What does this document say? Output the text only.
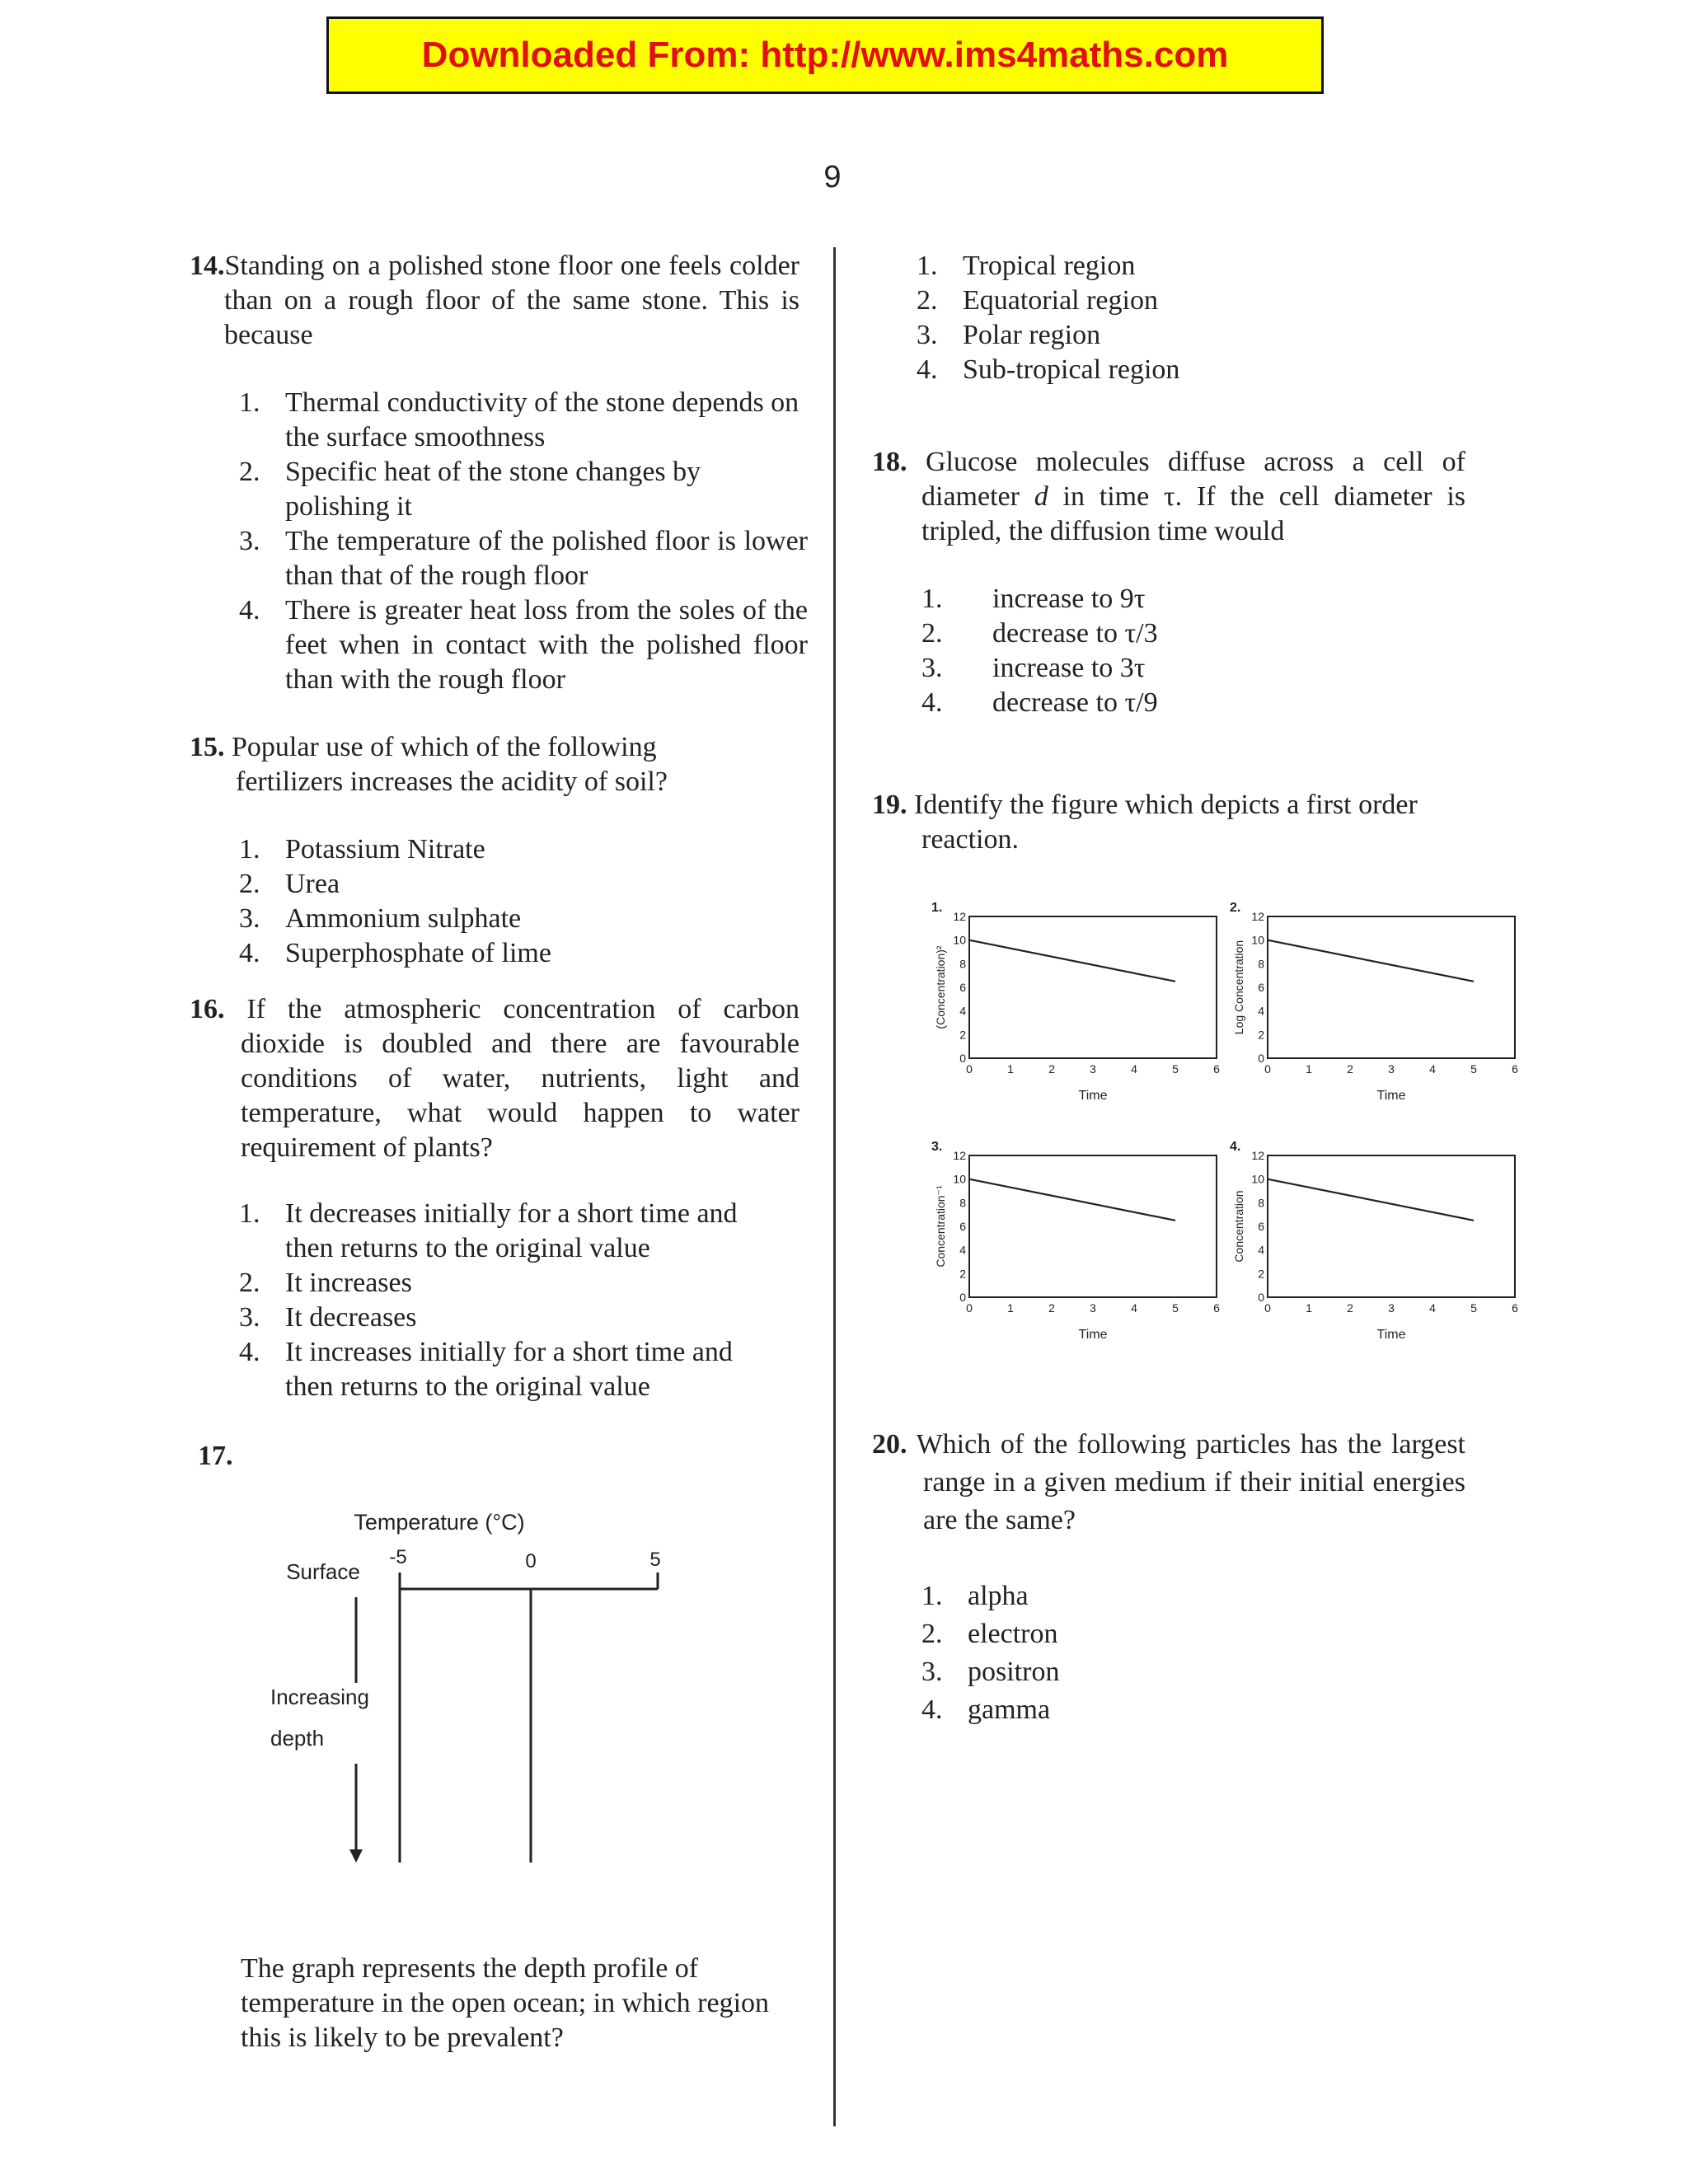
Downloaded From: http://www.ims4maths.com
9
14.Standing on a polished stone floor one feels colder than on a rough floor of the same stone. This is because
1. Thermal conductivity of the stone depends on the surface smoothness
2. Specific heat of the stone changes by polishing it
3. The temperature of the polished floor is lower than that of the rough floor
4. There is greater heat loss from the soles of the feet when in contact with the polished floor than with the rough floor
15. Popular use of which of the following fertilizers increases the acidity of soil?
1. Potassium Nitrate
2. Urea
3. Ammonium sulphate
4. Superphosphate of lime
16. If the atmospheric concentration of carbon dioxide is doubled and there are favourable conditions of water, nutrients, light and temperature, what would happen to water requirement of plants?
1. It decreases initially for a short time and then returns to the original value
2. It increases
3. It decreases
4. It increases initially for a short time and then returns to the original value
17.
Temperature (°C)
-5	0	5
Surface
Increasing
depth
The graph represents the depth profile of temperature in the open ocean; in which region this is likely to be prevalent?
1. Tropical region
2. Equatorial region
3. Polar region
4. Sub-tropical region
18. Glucose molecules diffuse across a cell of diameter d in time τ. If the cell diameter is tripled, the diffusion time would
1.	increase to 9τ
2.	decrease to τ/3
3.	increase to 3τ
4.	decrease to τ/9
19. Identify the figure which depicts a first order reaction.
1.
0
2
4
6
8
10
12
0	1	2	3	4	5	6
Time
(Concentration)²
2.
0
2
4
6
8
10
12
0	1	2	3	4	5	6
Time
Log Concentration
3.
0
2
4
6
8
10
12
0	1	2	3	4	5	6
Time
Concentration⁻¹
4.
0
2
4
6
8
10
12
0	1	2	3	4	5	6
Time
Concentration
20. Which of the following particles has the largest range in a given medium if their initial energies are the same?
1. alpha
2. electron
3. positron
4. gamma
